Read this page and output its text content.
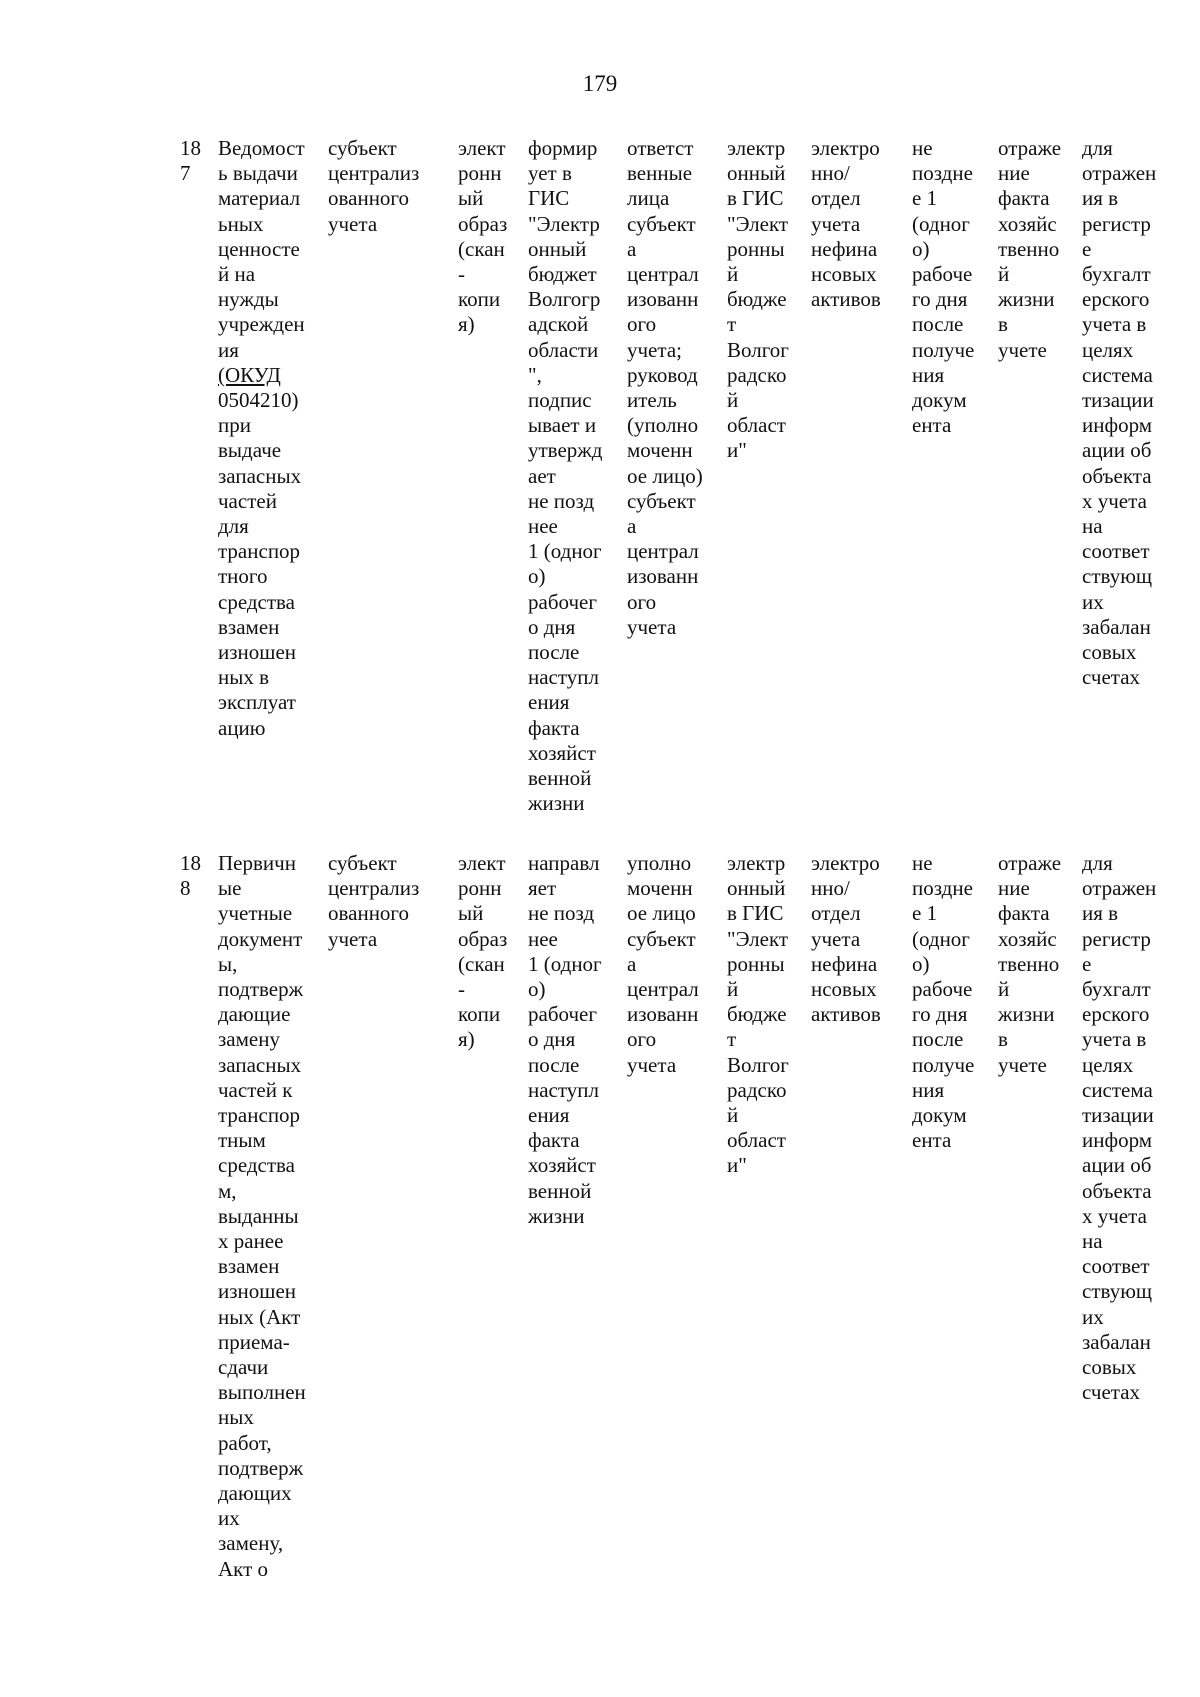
179
18
7
Ведомост
ь выдачи
материал
ьных
ценносте
й на
нужды
учрежден
ия
(ОКУД
0504210)
при
выдаче
запасных
частей
для
транспор
тного
средства
взамен
изношен
ных в
эксплуат
ацию
субъект
централиз
ованного
учета
элект
ронн
ый
образ
(скан
-
копи
я)
формир
ует в
ГИС
"Электр
онный
бюджет
Волгогр
адской
области
",
подпис
ывает и
утвержд
ает
не позд
нее
1 (одног
о)
рабочег
о дня
после
наступл
ения
факта
хозяйст
венной
жизни
ответст
венные
лица
субъект
а
централ
изованн
ого
учета;
руковод
итель
(уполно
моченн
ое лицо)
субъект
а
централ
изованн
ого
учета
электр
онный
в ГИС
"Элект
ронны
й
бюдже
т
Волгог
радско
й
област
и"
электро
нно/
отдел
учета
нефина
нсовых
активов
не
поздне
е 1
(одног
о)
рабоче
го дня
после
получе
ния
докум
ента
отраже
ние
факта
хозяйс
твенно
й
жизни
в
учете
для
отражен
ия в
регистр
е
бухгалт
ерского
учета в
целях
система
тизации
информ
ации об
объекта
х учета
на
соответ
ствующ
их
забалан
совых
счетах
18
8
Первичн
ые
учетные
документ
ы,
подтверж
дающие
замену
запасных
частей к
транспор
тным
средства
м,
выданны
х ранее
взамен
изношен
ных (Акт
приема-
сдачи
выполнен
ных
работ,
подтверж
дающих
их
замену,
Акт о
субъект
централиз
ованного
учета
элект
ронн
ый
образ
(скан
-
копи
я)
направл
яет
не позд
нее
1 (одног
о)
рабочег
о дня
после
наступл
ения
факта
хозяйст
венной
жизни
уполно
моченн
ое лицо
субъект
а
централ
изованн
ого
учета
электр
онный
в ГИС
"Элект
ронны
й
бюдже
т
Волгог
радско
й
област
и"
электро
нно/
отдел
учета
нефина
нсовых
активов
не
поздне
е 1
(одног
о)
рабоче
го дня
после
получе
ния
докум
ента
отраже
ние
факта
хозяйс
твенно
й
жизни
в
учете
для
отражен
ия в
регистр
е
бухгалт
ерского
учета в
целях
система
тизации
информ
ации об
объекта
х учета
на
соответ
ствующ
их
забалан
совых
счетах
